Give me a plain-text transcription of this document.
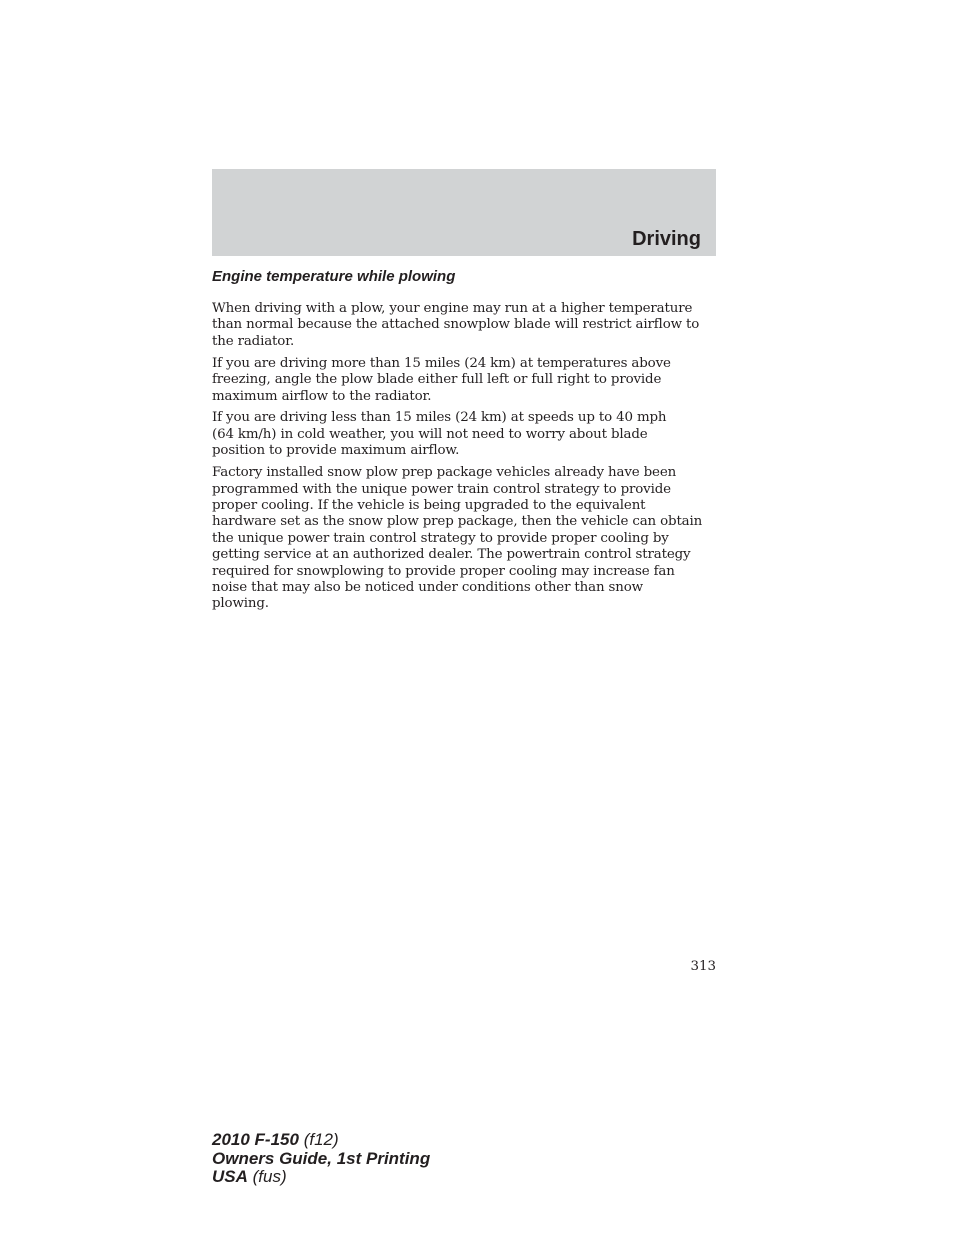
Driving
Engine temperature while plowing

When driving with a plow, your engine may run at a higher temperature
than normal because the attached snowplow blade will restrict airflow to
the radiator.

If you are driving more than 15 miles (24 km) at temperatures above
freezing, angle the plow blade either full left or full right to provide
maximum airflow to the radiator.

If you are driving less than 15 miles (24 km) at speeds up to 40 mph
(64 km/h) in cold weather, you will not need to worry about blade
position to provide maximum airflow.

Factory installed snow plow prep package vehicles already have been
programmed with the unique power train control strategy to provide
proper cooling. If the vehicle is being upgraded to the equivalent
hardware set as the snow plow prep package, then the vehicle can obtain
the unique power train control strategy to provide proper cooling by
getting service at an authorized dealer. The powertrain control strategy
required for snowplowing to provide proper cooling may increase fan
noise that may also be noticed under conditions other than snow
plowing.

313
2010 F-150 (f12)
Owners Guide, 1st Printing
USA (fus)
